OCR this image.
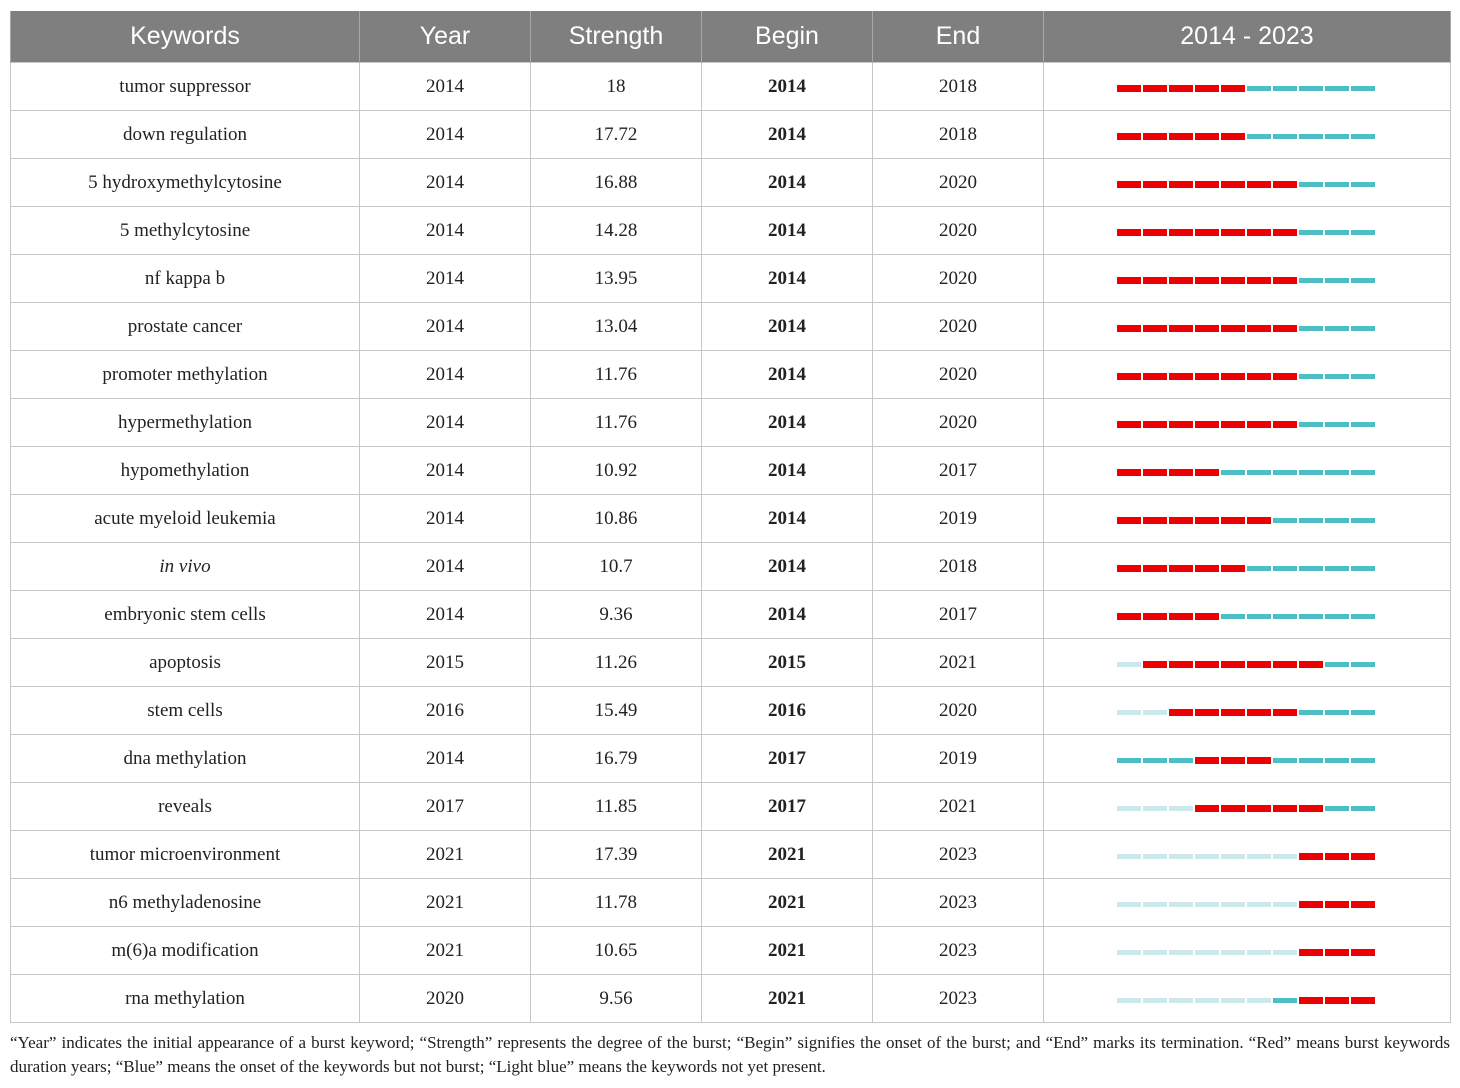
Keywords	Year	Strength	Begin	End	2014 - 2023
tumor suppressor	2014	18	2014	2018	

down regulation	2014	17.72	2014	2018	

5 hydroxymethylcytosine	2014	16.88	2014	2020	

5 methylcytosine	2014	14.28	2014	2020	

nf kappa b	2014	13.95	2014	2020	

prostate cancer	2014	13.04	2014	2020	

promoter methylation	2014	11.76	2014	2020	

hypermethylation	2014	11.76	2014	2020	

hypomethylation	2014	10.92	2014	2017	

acute myeloid leukemia	2014	10.86	2014	2019	

in vivo	2014	10.7	2014	2018	

embryonic stem cells	2014	9.36	2014	2017	

apoptosis	2015	11.26	2015	2021	

stem cells	2016	15.49	2016	2020	

dna methylation	2014	16.79	2017	2019	

reveals	2017	11.85	2017	2021	

tumor microenvironment	2021	17.39	2021	2023	

n6 methyladenosine	2021	11.78	2021	2023	

m(6)a modification	2021	10.65	2021	2023	

rna methylation	2020	9.56	2021	2023	
“Year” indicates the initial appearance of a burst keyword; “Strength” represents the degree of the burst; “Begin” signifies the onset of the burst; and “End” marks its termination. “Red” means burst keywords duration years; “Blue” means the onset of the keywords but not burst; “Light blue” means the keywords not yet present.
